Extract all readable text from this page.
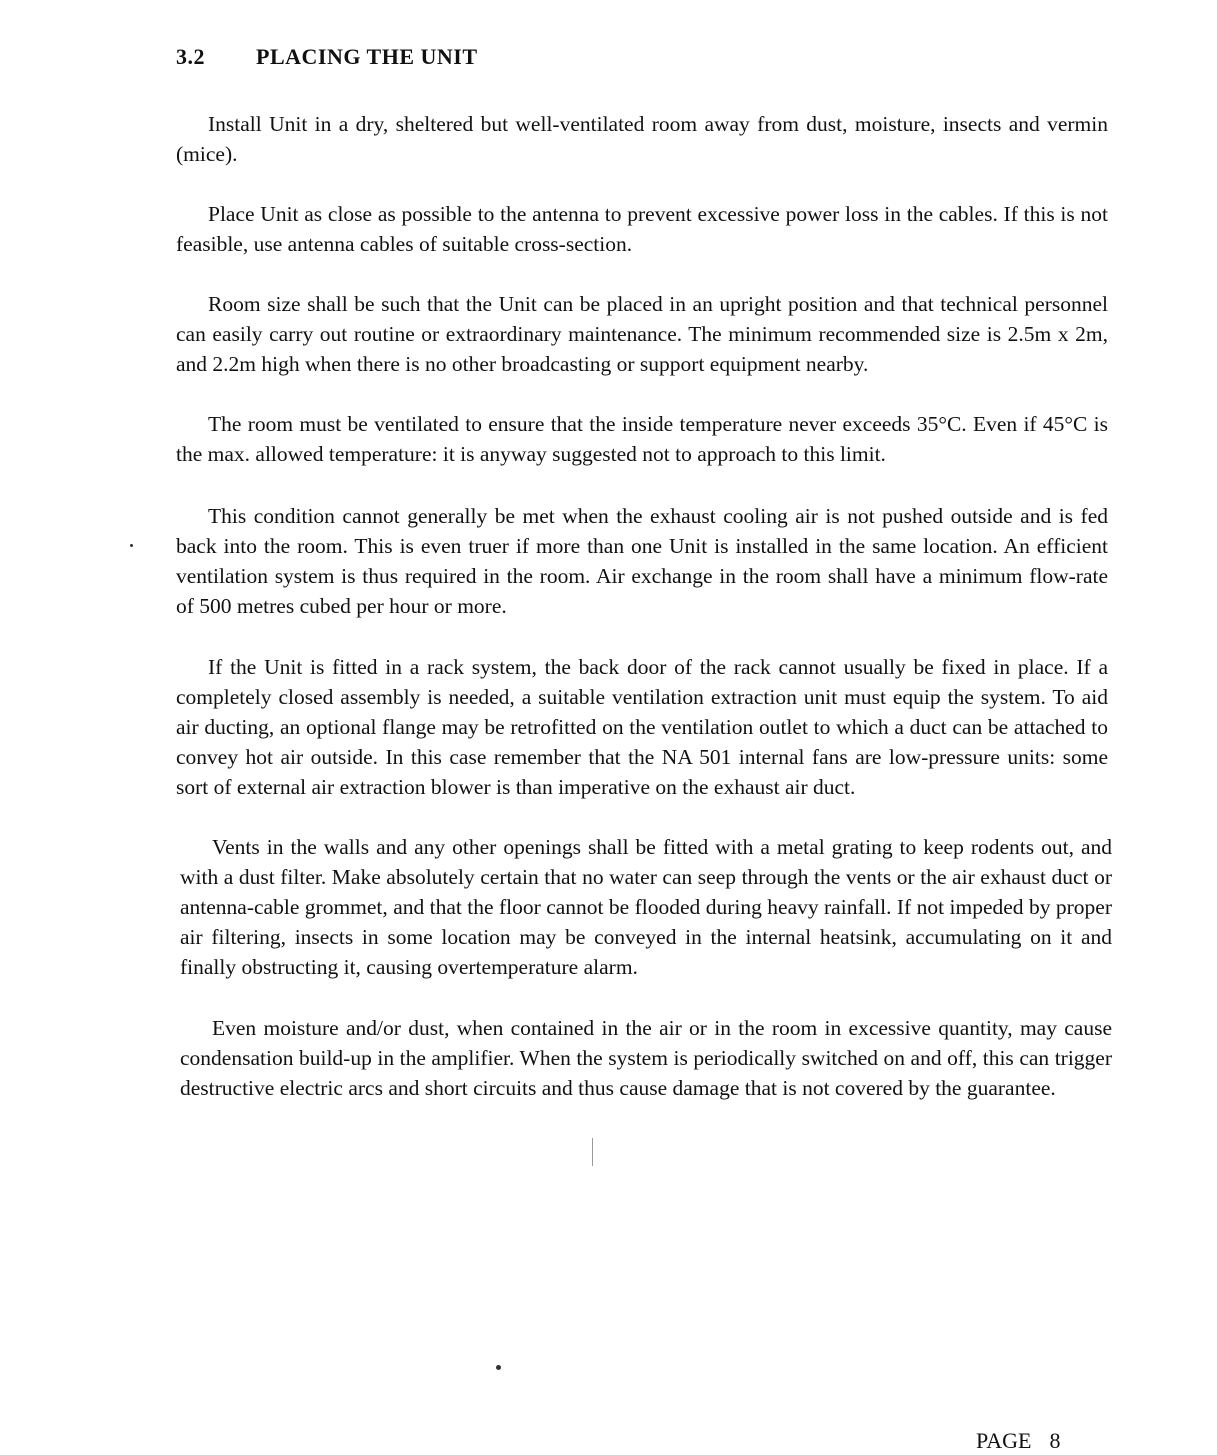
3.2 PLACING THE UNIT

Install Unit in a dry, sheltered but well-ventilated room away from dust, moisture, insects and vermin (mice).

Place Unit as close as possible to the antenna to prevent excessive power loss in the cables. If this is not feasible, use antenna cables of suitable cross-section.

Room size shall be such that the Unit can be placed in an upright position and that technical personnel can easily carry out routine or extraordinary maintenance. The minimum recommended size is 2.5m x 2m, and 2.2m high when there is no other broadcasting or support equipment nearby.

The room must be ventilated to ensure that the inside temperature never exceeds 35°C. Even if 45°C is the max. allowed temperature: it is anyway suggested not to approach to this limit.

This condition cannot generally be met when the exhaust cooling air is not pushed outside and is fed back into the room. This is even truer if more than one Unit is installed in the same location. An efficient ventilation system is thus required in the room. Air exchange in the room shall have a minimum flow-rate of 500 metres cubed per hour or more.

If the Unit is fitted in a rack system, the back door of the rack cannot usually be fixed in place. If a completely closed assembly is needed, a suitable ventilation extraction unit must equip the system. To aid air ducting, an optional flange may be retrofitted on the ventilation outlet to which a duct can be attached to convey hot air outside. In this case remember that the NA 501 internal fans are low-pressure units: some sort of external air extraction blower is than imperative on the exhaust air duct.

Vents in the walls and any other openings shall be fitted with a metal grating to keep rodents out, and with a dust filter. Make absolutely certain that no water can seep through the vents or the air exhaust duct or antenna-cable grommet, and that the floor cannot be flooded during heavy rainfall. If not impeded by proper air filtering, insects in some location may be conveyed in the internal heatsink, accumulating on it and finally obstructing it, causing overtemperature alarm.

Even moisture and/or dust, when contained in the air or in the room in excessive quantity, may cause condensation build-up in the amplifier. When the system is periodically switched on and off, this can trigger destructive electric arcs and short circuits and thus cause damage that is not covered by the guarantee.

PAGE 8
